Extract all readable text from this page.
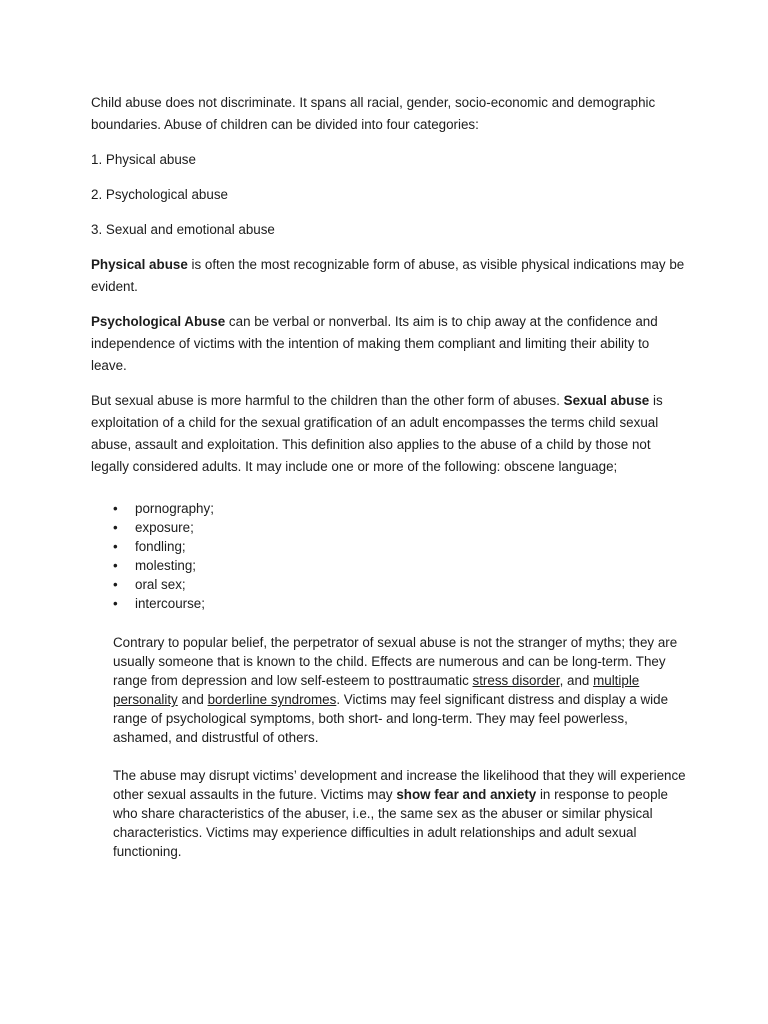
Child abuse does not discriminate. It spans all racial, gender, socio-economic and demographic
boundaries. Abuse of children can be divided into four categories:

1. Physical abuse

2. Psychological abuse

3. Sexual and emotional abuse

Physical abuse is often the most recognizable form of abuse, as visible physical indications may be evident.

Psychological Abuse can be verbal or nonverbal. Its aim is to chip away at the confidence and independence of victims with the intention of making them compliant and limiting their ability to leave.

But sexual abuse is more harmful to the children than the other form of abuses. Sexual abuse is exploitation of a child for the sexual gratification of an adult encompasses the terms child sexual abuse, assault and exploitation. This definition also applies to the abuse of a child by those not legally considered adults. It may include one or more of the following: obscene language;

• pornography;
• exposure;
• fondling;
• molesting;
• oral sex;
• intercourse;

Contrary to popular belief, the perpetrator of sexual abuse is not the stranger of myths; they are usually someone that is known to the child. Effects are numerous and can be long-term. They range from depression and low self-esteem to posttraumatic stress disorder, and multiple personality and borderline syndromes. Victims may feel significant distress and display a wide range of psychological symptoms, both short- and long-term. They may feel powerless, ashamed, and distrustful of others.

The abuse may disrupt victims’ development and increase the likelihood that they will experience other sexual assaults in the future. Victims may show fear and anxiety in response to people who share characteristics of the abuser, i.e., the same sex as the abuser or similar physical characteristics. Victims may experience difficulties in adult relationships and adult sexual functioning.
